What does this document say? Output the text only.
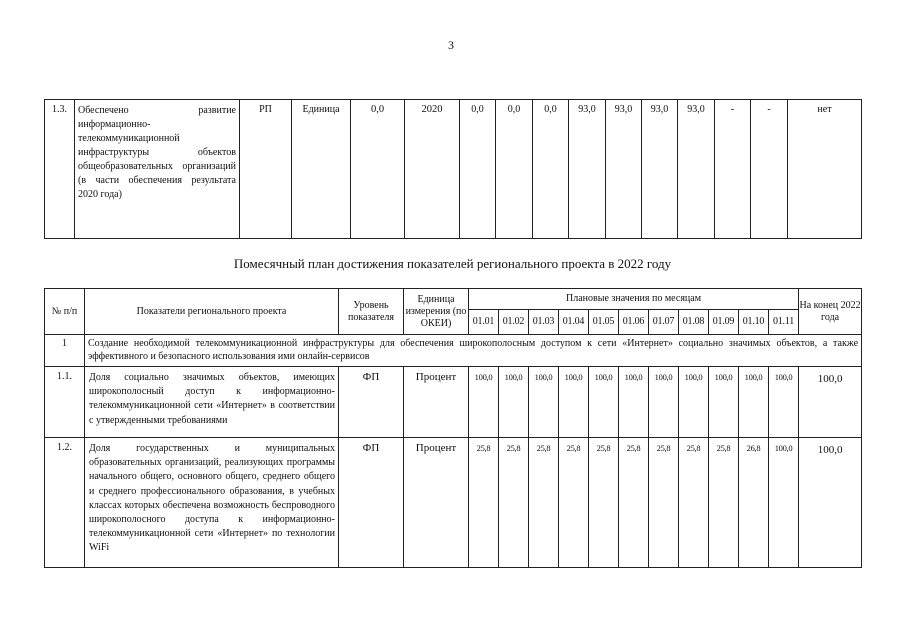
3
1.3.	Обеспечено развитие информационно-телекоммуникационной инфраструктуры объектов общеобразовательных организаций (в части обеспечения результата 2020 года)	РП	Единица	0,0	2020	0,0	0,0	0,0	93,0	93,0	93,0	93,0	-	-	нет
Помесячный план достижения показателей регионального проекта в 2022 году
№ п/п	Показатели регионального проекта	Уровень показателя	Единица измерения (по ОКЕИ)	Плановые значения по месяцам											На конец 2022 года
				01.01	01.02	01.03	01.04	01.05	01.06	01.07	01.08	01.09	01.10	01.11	
1	Создание необходимой телекоммуникационной инфраструктуры для обеспечения широкополосным доступом к сети «Интернет» социально значимых объектов, а также эффективного и безопасного использования ими онлайн-сервисов														
1.1.	Доля социально значимых объектов, имеющих широкополосный доступ к информационно-телекоммуникационной сети «Интернет» в соответствии с утвержденными требованиями	ФП	Процент	100,0	100,0	100,0	100,0	100,0	100,0	100,0	100,0	100,0	100,0	100,0	100,0
1.2.	Доля государственных и муниципальных образовательных организаций, реализующих программы начального общего, основного общего, среднего общего и среднего профессионального образования, в учебных классах которых обеспечена возможность беспроводного широкополосного доступа к информационно-телекоммуникационной сети «Интернет» по технологии WiFi	ФП	Процент	25,8	25,8	25,8	25,8	25,8	25,8	25,8	25,8	25,8	26,8	100,0	100,0
